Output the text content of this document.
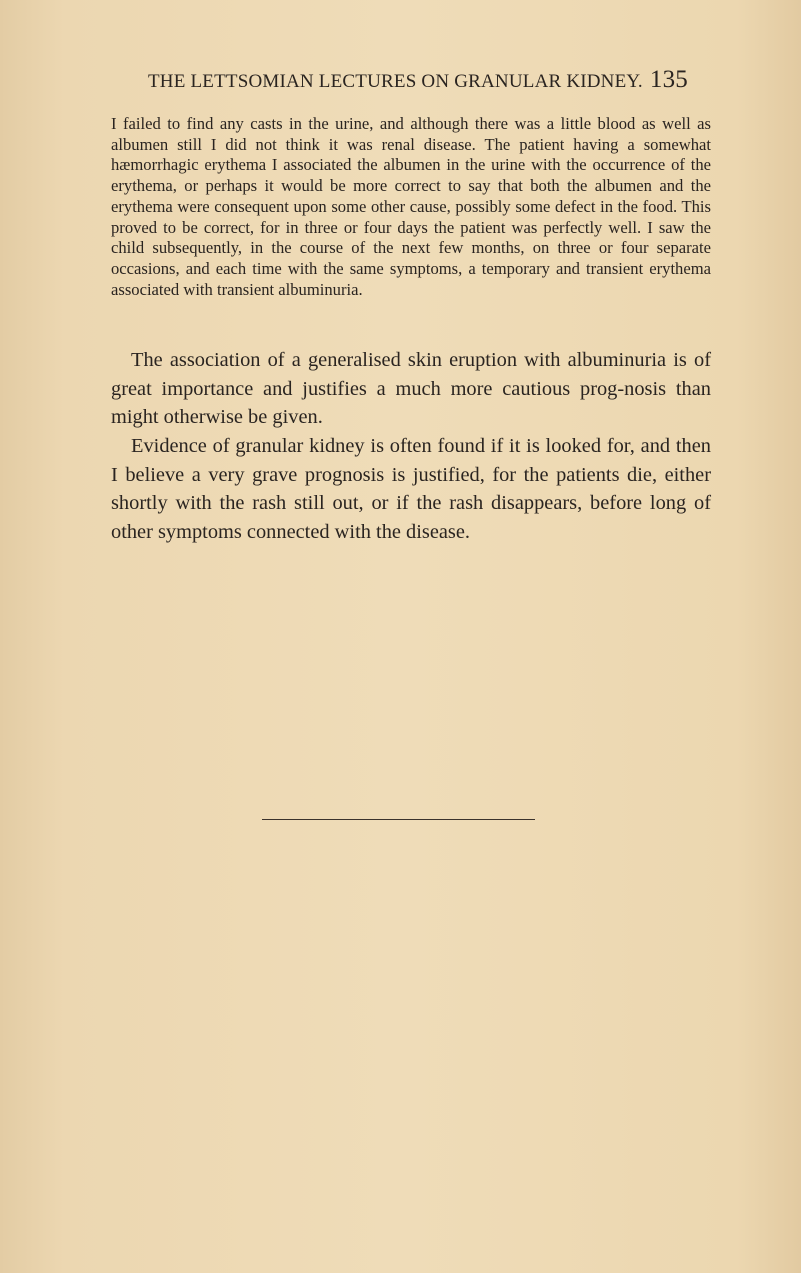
THE LETTSOMIAN LECTURES ON GRANULAR KIDNEY. 135

I failed to find any casts in the urine, and although there was a little blood as well as albumen still I did not think it was renal disease. The patient having a somewhat hæmorrhagic erythema I associated the albumen in the urine with the occurrence of the erythema, or perhaps it would be more correct to say that both the albumen and the erythema were consequent upon some other cause, possibly some defect in the food. This proved to be correct, for in three or four days the patient was perfectly well. I saw the child subsequently, in the course of the next few months, on three or four separate occasions, and each time with the same symptoms, a temporary and transient erythema associated with transient albuminuria.

The association of a generalised skin eruption with albuminuria is of great importance and justifies a much more cautious prog-nosis than might otherwise be given.

Evidence of granular kidney is often found if it is looked for, and then I believe a very grave prognosis is justified, for the patients die, either shortly with the rash still out, or if the rash disappears, before long of other symptoms connected with the disease.
